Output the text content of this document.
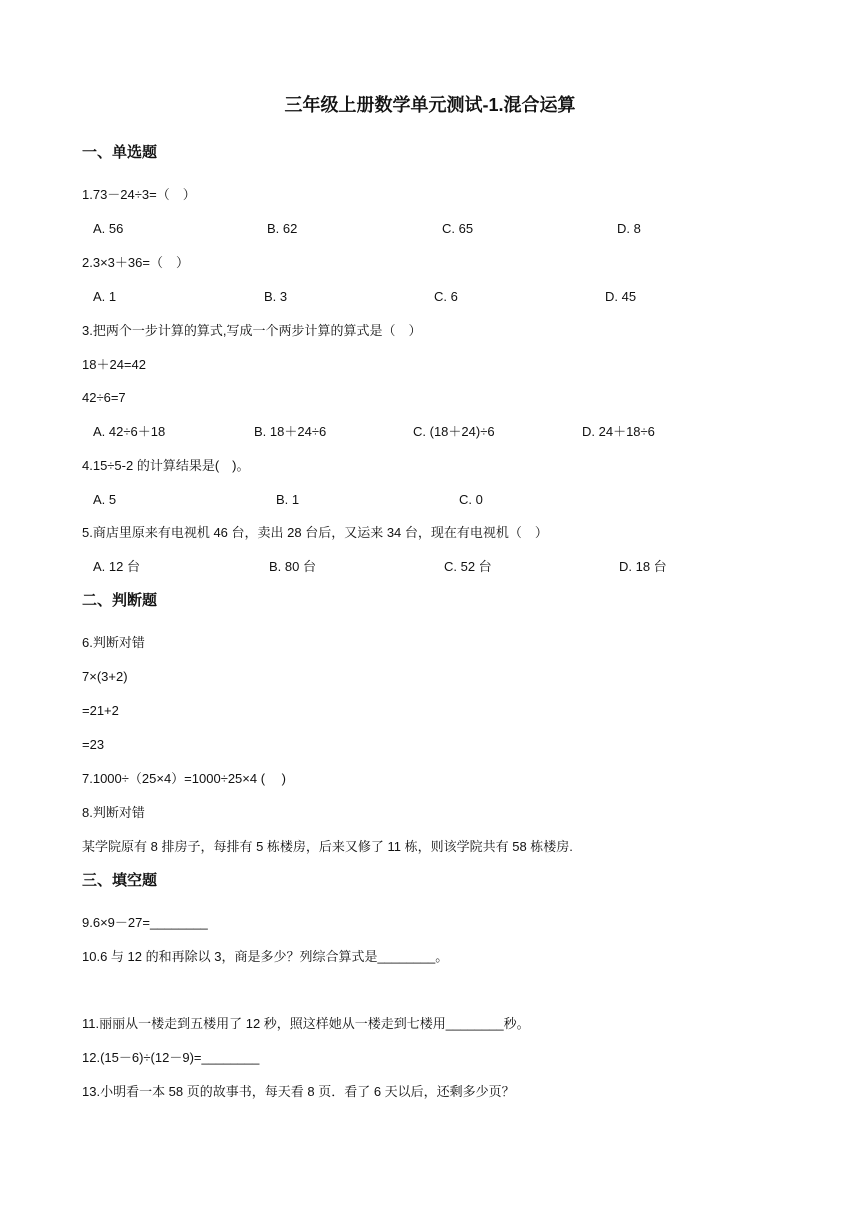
三年级上册数学单元测试-1.混合运算
一、单选题
1.73－24÷3=（　）
A. 56	B. 62	C. 65	D. 8
2.3×3＋36=（　）
A. 1	B. 3	C. 6	D. 45
3.把两个一步计算的算式,写成一个两步计算的算式是（　）
18＋24=42
42÷6=7
A. 42÷6＋18	B. 18＋24÷6	C. (18＋24)÷6	D. 24＋18÷6
4.15÷5-2 的计算结果是(　)。
A. 5	B. 1	C. 0
5.商店里原来有电视机 46 台，卖出 28 台后，又运来 34 台，现在有电视机（　）
A. 12 台	B. 80 台	C. 52 台	D. 18 台
二、判断题
6.判断对错
7×(3+2)
=21+2
=23
7.1000÷（25×4）=1000÷25×4 (　 )
8.判断对错
某学院原有 8 排房子，每排有 5 栋楼房，后来又修了 11 栋，则该学院共有 58 栋楼房.
三、填空题
9.6×9－27=________
10.6 与 12 的和再除以 3，商是多少？列综合算式是________。
11.丽丽从一楼走到五楼用了 12 秒，照这样她从一楼走到七楼用________秒。
12.(15－6)÷(12－9)=________
13.小明看一本 58 页的故事书，每天看 8 页．看了 6 天以后，还剩多少页？
